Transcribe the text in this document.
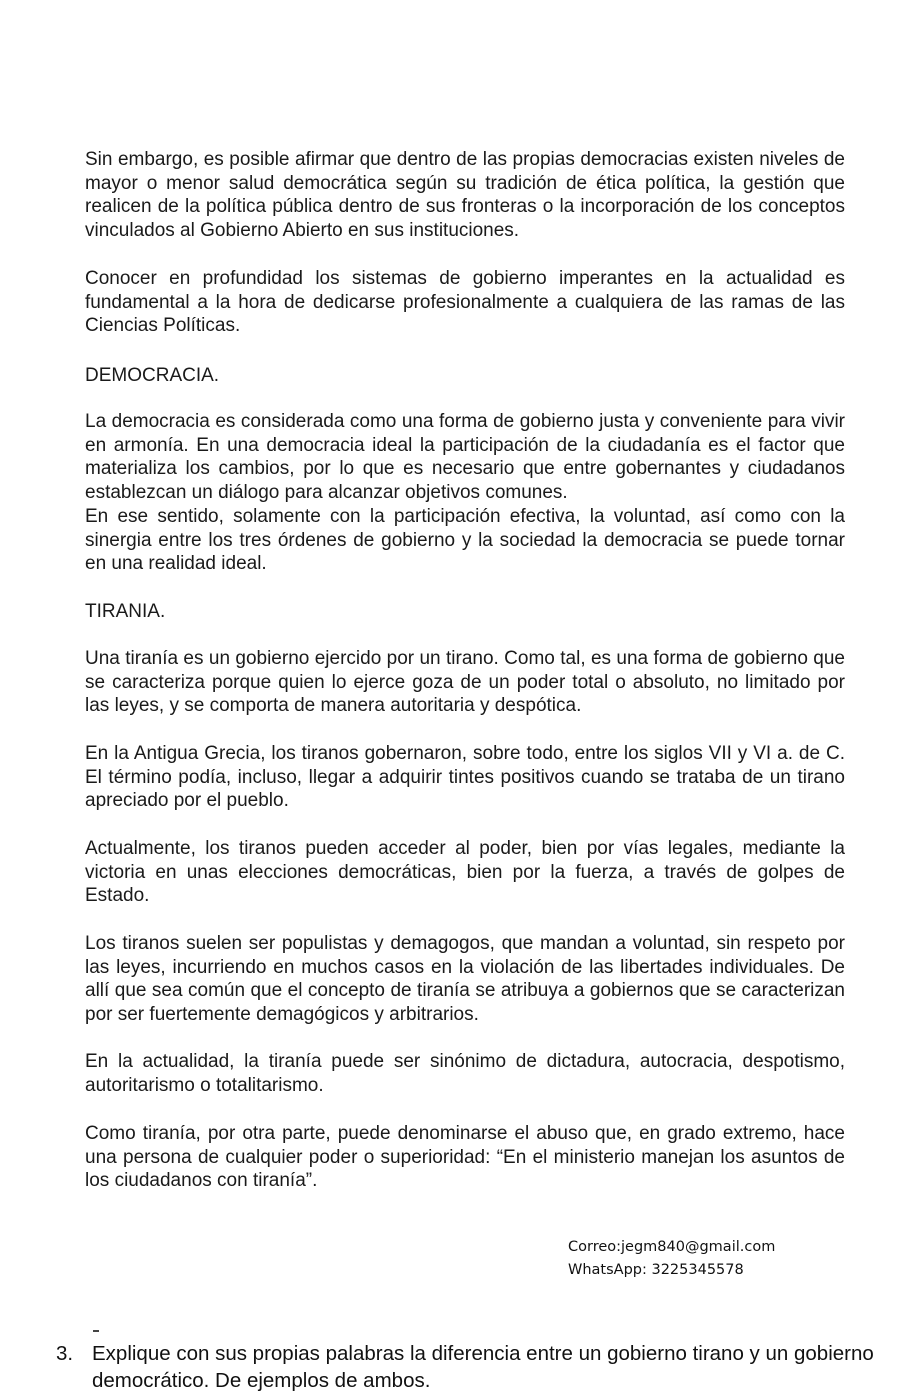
Sin embargo, es posible afirmar que dentro de las propias democracias existen niveles de mayor o menor salud democrática según su tradición de ética política, la gestión que realicen de la política pública dentro de sus fronteras o la incorporación de los conceptos vinculados al Gobierno Abierto en sus instituciones.

Conocer en profundidad los sistemas de gobierno imperantes en la actualidad es fundamental a la hora de dedicarse profesionalmente a cualquiera de las ramas de las Ciencias Políticas.

DEMOCRACIA.

La democracia es considerada como una forma de gobierno justa y conveniente para vivir en armonía. En una democracia ideal la participación de la ciudadanía es el factor que materializa los cambios, por lo que es necesario que entre gobernantes y ciudadanos establezcan un diálogo para alcanzar objetivos comunes.

En ese sentido, solamente con la participación efectiva, la voluntad, así como con la sinergia entre los tres órdenes de gobierno y la sociedad la democracia se puede tornar en una realidad ideal.

TIRANIA.

Una tiranía es un gobierno ejercido por un tirano. Como tal, es una forma de gobierno que se caracteriza porque quien lo ejerce goza de un poder total o absoluto, no limitado por las leyes, y se comporta de manera autoritaria y despótica.

En la Antigua Grecia, los tiranos gobernaron, sobre todo, entre los siglos VII y VI a. de C. El término podía, incluso, llegar a adquirir tintes positivos cuando se trataba de un tirano apreciado por el pueblo.

Actualmente, los tiranos pueden acceder al poder, bien por vías legales, mediante la victoria en unas elecciones democráticas, bien por la fuerza, a través de golpes de Estado.

Los tiranos suelen ser populistas y demagogos, que mandan a voluntad, sin respeto por las leyes, incurriendo en muchos casos en la violación de las libertades individuales. De allí que sea común que el concepto de tiranía se atribuya a gobiernos que se caracterizan por ser fuertemente demagógicos y arbitrarios.

En la actualidad, la tiranía puede ser sinónimo de dictadura, autocracia, despotismo, autoritarismo o totalitarismo.

Como tiranía, por otra parte, puede denominarse el abuso que, en grado extremo, hace una persona de cualquier poder o superioridad: “En el ministerio manejan los asuntos de los ciudadanos con tiranía”.

Correo:jegm840@gmail.com
WhatsApp: 3225345578
3. Explique con sus propias palabras la diferencia entre un gobierno tirano y un gobierno democrático. De ejemplos de ambos.
